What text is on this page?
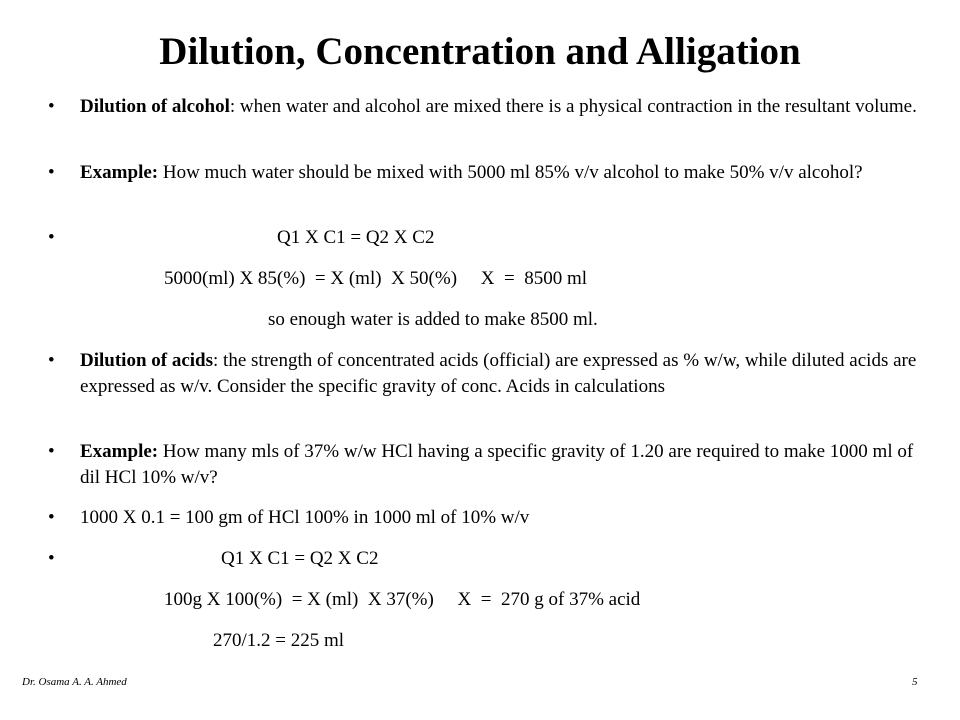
Dilution, Concentration and Alligation
• Dilution of alcohol: when water and alcohol are mixed there is a physical contraction in the resultant volume.
• Example: How much water should be mixed with 5000 ml 85% v/v alcohol to make 50% v/v alcohol?
•	Q1 X C1 = Q2 X C2
5000(ml) X 85(%)  = X (ml)  X 50(%)     X  =  8500 ml
so enough water is added to make 8500 ml.
• Dilution of acids: the strength of concentrated acids (official) are expressed as % w/w, while diluted acids are expressed as w/v. Consider the specific gravity of conc. Acids in calculations
• Example: How many mls of 37% w/w HCl having a specific gravity of 1.20 are required to make 1000 ml of dil HCl 10% w/v?
• 1000 X 0.1 = 100 gm of HCl 100% in 1000 ml of 10% w/v
•	Q1 X C1 = Q2 X C2
100g X 100(%)  = X (ml)  X 37(%)     X  =  270 g of 37% acid
270/1.2 = 225 ml
Dr. Osama A. A. Ahmed	5
